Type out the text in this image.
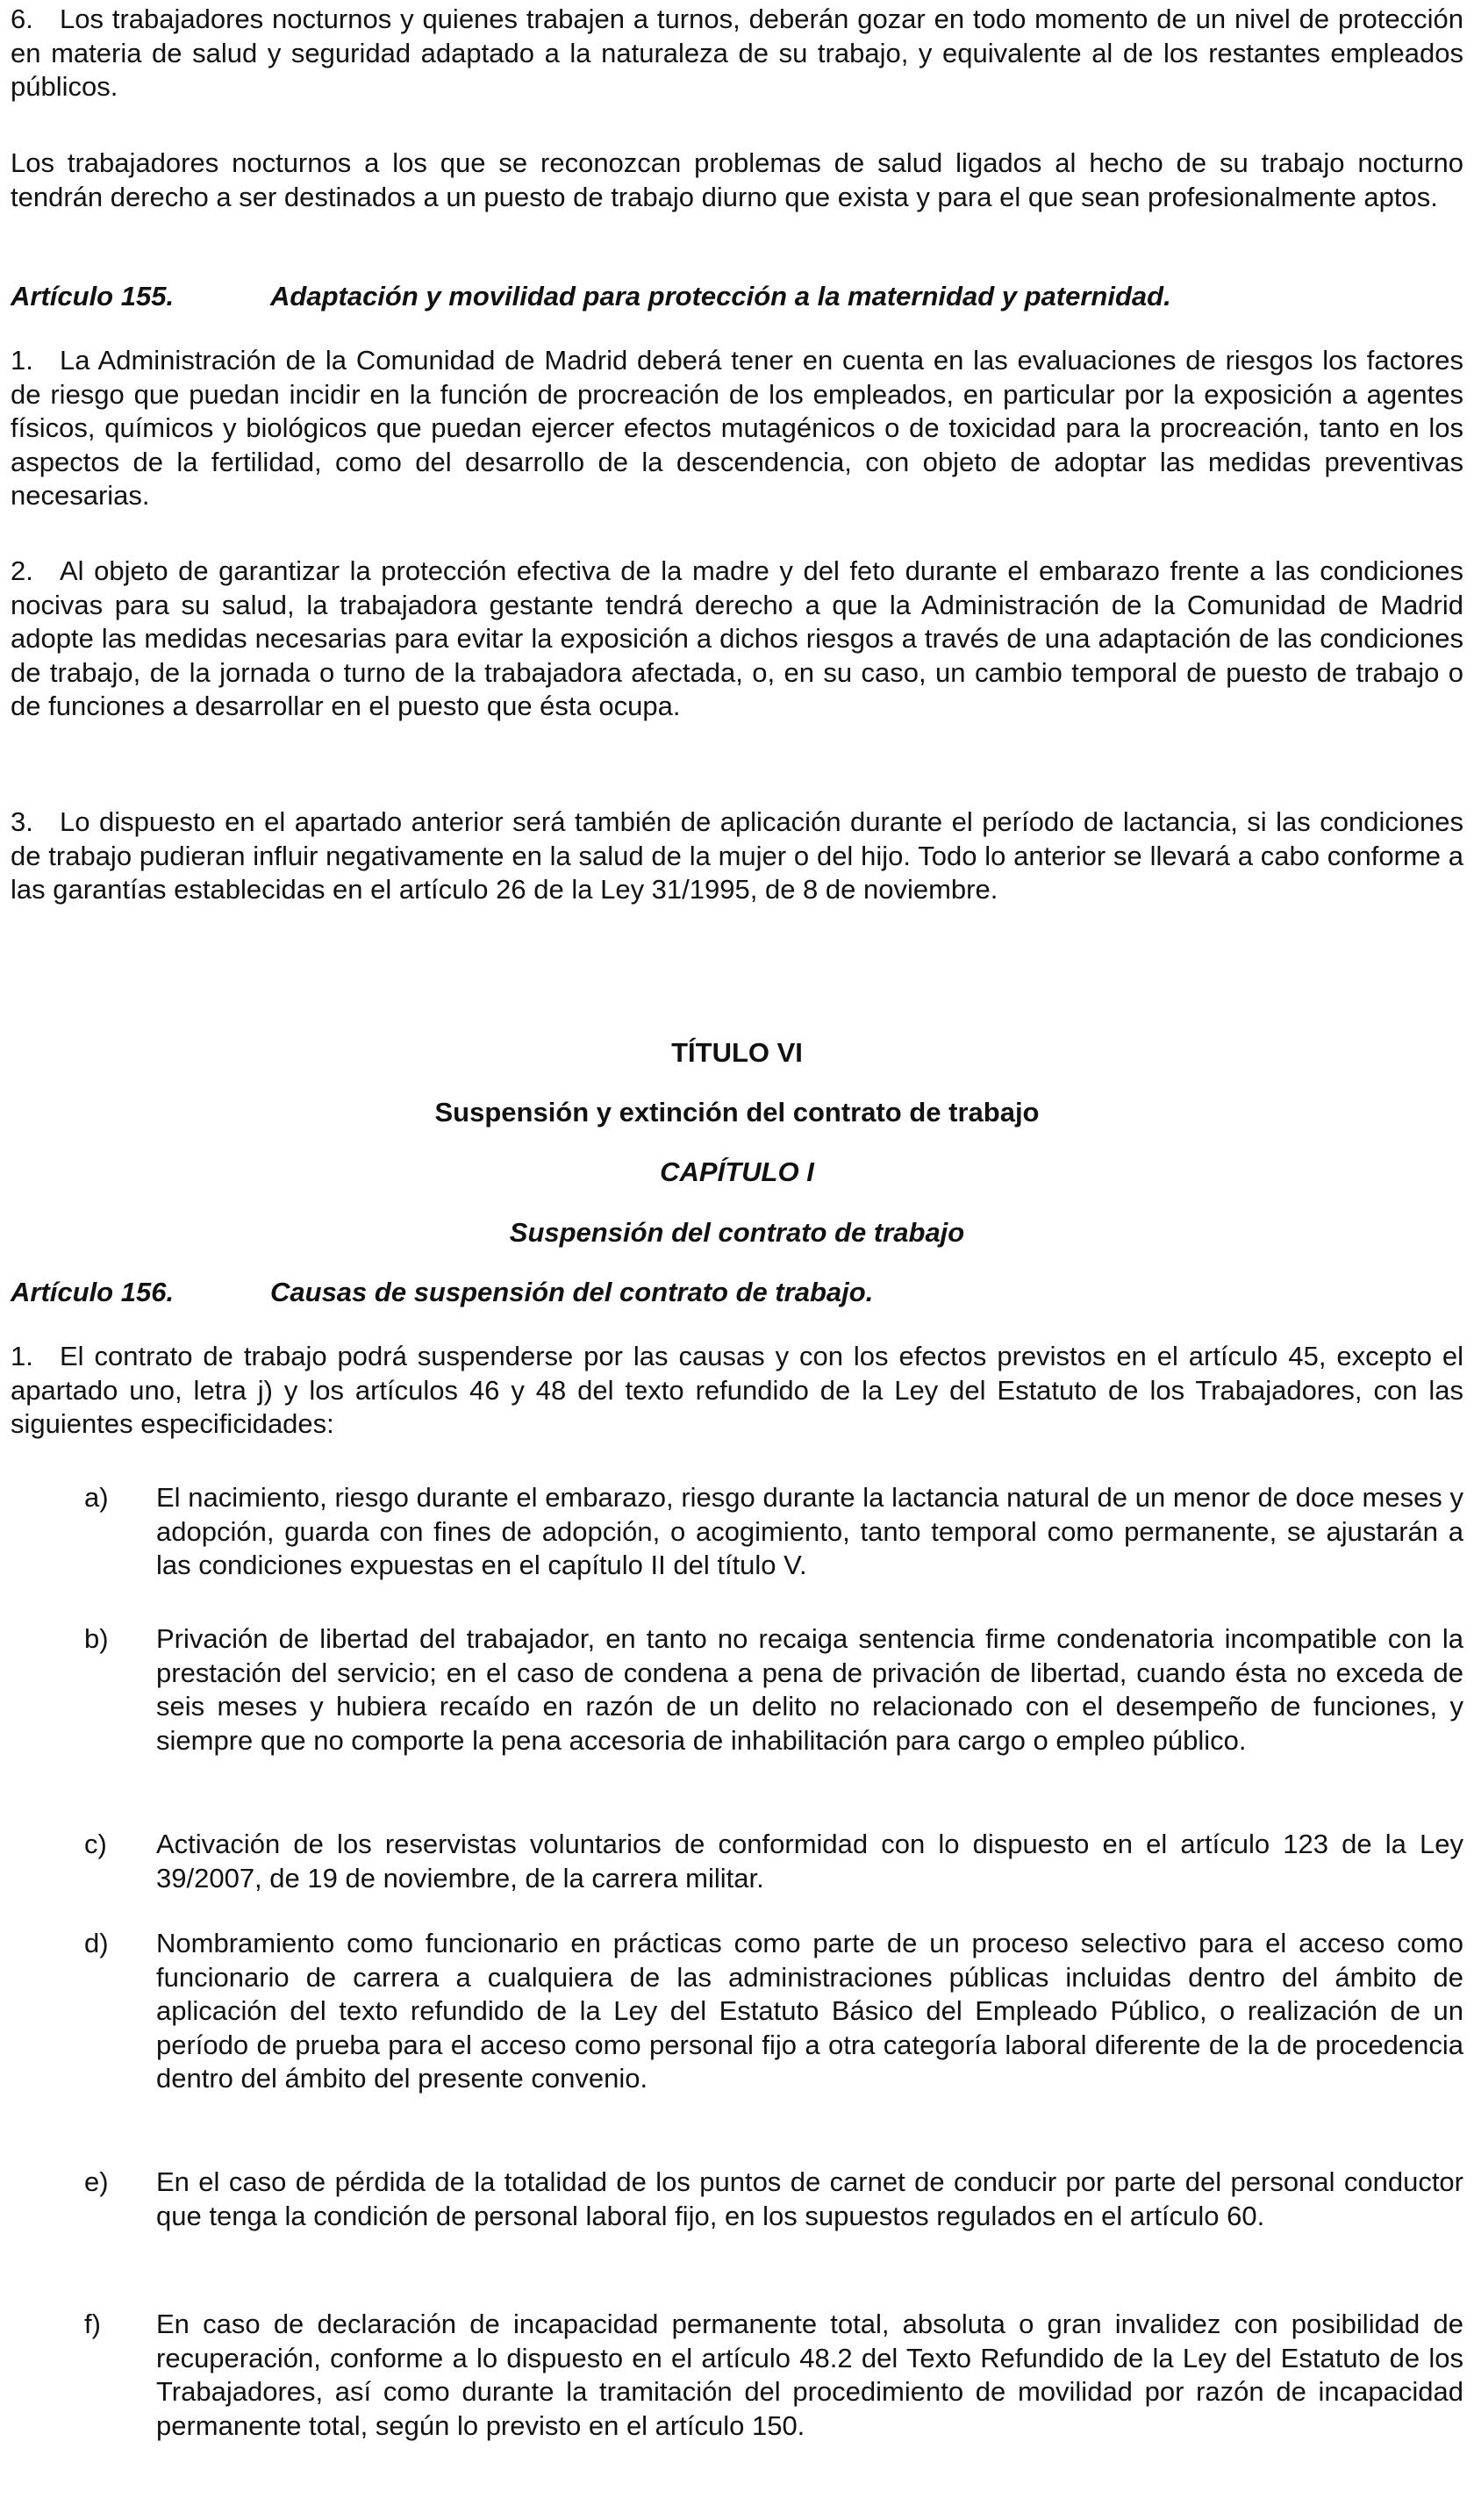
6. Los trabajadores nocturnos y quienes trabajen a turnos, deberán gozar en todo momento de un nivel de protección en materia de salud y seguridad adaptado a la naturaleza de su trabajo, y equivalente al de los restantes empleados públicos.

Los trabajadores nocturnos a los que se reconozcan problemas de salud ligados al hecho de su trabajo nocturno tendrán derecho a ser destinados a un puesto de trabajo diurno que exista y para el que sean profesionalmente aptos.

Artículo 155.	Adaptación y movilidad para protección a la maternidad y paternidad.

1. La Administración de la Comunidad de Madrid deberá tener en cuenta en las evaluaciones de riesgos los factores de riesgo que puedan incidir en la función de procreación de los empleados, en particular por la exposición a agentes físicos, químicos y biológicos que puedan ejercer efectos mutagénicos o de toxicidad para la procreación, tanto en los aspectos de la fertilidad, como del desarrollo de la descendencia, con objeto de adoptar las medidas preventivas necesarias.

2. Al objeto de garantizar la protección efectiva de la madre y del feto durante el embarazo frente a las condiciones nocivas para su salud, la trabajadora gestante tendrá derecho a que la Administración de la Comunidad de Madrid adopte las medidas necesarias para evitar la exposición a dichos riesgos a través de una adaptación de las condiciones de trabajo, de la jornada o turno de la trabajadora afectada, o, en su caso, un cambio temporal de puesto de trabajo o de funciones a desarrollar en el puesto que ésta ocupa.

3. Lo dispuesto en el apartado anterior será también de aplicación durante el período de lactancia, si las condiciones de trabajo pudieran influir negativamente en la salud de la mujer o del hijo. Todo lo anterior se llevará a cabo conforme a las garantías establecidas en el artículo 26 de la Ley 31/1995, de 8 de noviembre.

TÍTULO VI
Suspensión y extinción del contrato de trabajo
CAPÍTULO I
Suspensión del contrato de trabajo
Artículo 156.	Causas de suspensión del contrato de trabajo.

1. El contrato de trabajo podrá suspenderse por las causas y con los efectos previstos en el artículo 45, excepto el apartado uno, letra j) y los artículos 46 y 48 del texto refundido de la Ley del Estatuto de los Trabajadores, con las siguientes especificidades:

a) El nacimiento, riesgo durante el embarazo, riesgo durante la lactancia natural de un menor de doce meses y adopción, guarda con fines de adopción, o acogimiento, tanto temporal como permanente, se ajustarán a las condiciones expuestas en el capítulo II del título V.
b) Privación de libertad del trabajador, en tanto no recaiga sentencia firme condenatoria incompatible con la prestación del servicio; en el caso de condena a pena de privación de libertad, cuando ésta no exceda de seis meses y hubiera recaído en razón de un delito no relacionado con el desempeño de funciones, y siempre que no comporte la pena accesoria de inhabilitación para cargo o empleo público.
c) Activación de los reservistas voluntarios de conformidad con lo dispuesto en el artículo 123 de la Ley 39/2007, de 19 de noviembre, de la carrera militar.
d) Nombramiento como funcionario en prácticas como parte de un proceso selectivo para el acceso como funcionario de carrera a cualquiera de las administraciones públicas incluidas dentro del ámbito de aplicación del texto refundido de la Ley del Estatuto Básico del Empleado Público, o realización de un período de prueba para el acceso como personal fijo a otra categoría laboral diferente de la de procedencia dentro del ámbito del presente convenio.
e) En el caso de pérdida de la totalidad de los puntos de carnet de conducir por parte del personal conductor que tenga la condición de personal laboral fijo, en los supuestos regulados en el artículo 60.
f) En caso de declaración de incapacidad permanente total, absoluta o gran invalidez con posibilidad de recuperación, conforme a lo dispuesto en el artículo 48.2 del Texto Refundido de la Ley del Estatuto de los Trabajadores, así como durante la tramitación del procedimiento de movilidad por razón de incapacidad permanente total, según lo previsto en el artículo 150.
